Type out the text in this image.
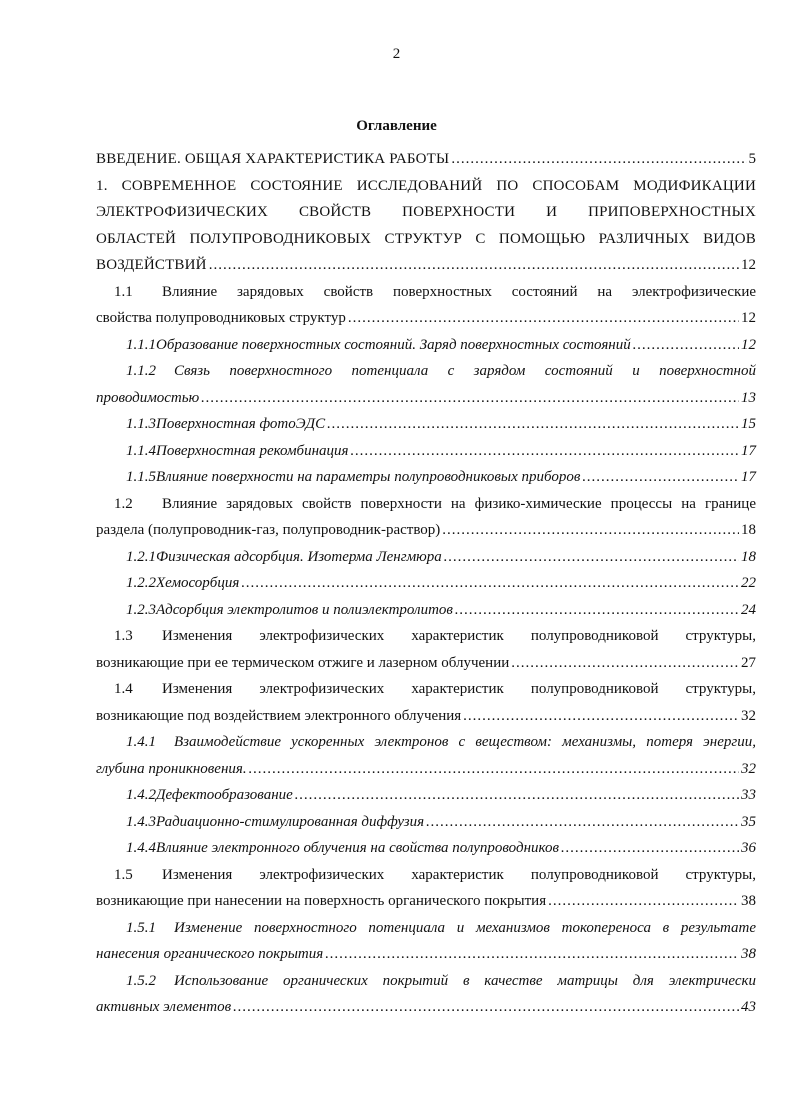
2
Оглавление
ВВЕДЕНИЕ. ОБЩАЯ ХАРАКТЕРИСТИКА РАБОТЫ .....	5
1. СОВРЕМЕННОЕ СОСТОЯНИЕ ИССЛЕДОВАНИЙ ПО СПОСОБАМ МОДИФИКАЦИИ
ЭЛЕКТРОФИЗИЧЕСКИХ СВОЙСТВ ПОВЕРХНОСТИ И ПРИПОВЕРХНОСТНЫХ
ОБЛАСТЕЙ ПОЛУПРОВОДНИКОВЫХ СТРУКТУР С ПОМОЩЬЮ РАЗЛИЧНЫХ ВИДОВ
ВОЗДЕЙСТВИЙ .....	12
1.1	Влияние зарядовых свойств поверхностных состояний на электрофизические
свойства полупроводниковых структур .....	12
1.1.1 Образование поверхностных состояний. Заряд поверхностных состояний .....	12
1.1.2	Связь поверхностного потенциала с зарядом состояний и поверхностной
проводимостью .....	13
1.1.3 Поверхностная фотоЭДС .....	15
1.1.4 Поверхностная рекомбинация .....	17
1.1.5 Влияние поверхности на параметры полупроводниковых приборов .....	17
1.2	Влияние зарядовых свойств поверхности на физико-химические процессы на границе
раздела (полупроводник-газ, полупроводник-раствор) .....	18
1.2.1 Физическая адсорбция. Изотерма Ленгмюра .....	18
1.2.2 Хемосорбция .....	22
1.2.3 Адсорбция электролитов и полиэлектролитов .....	24
1.3	Изменения электрофизических характеристик полупроводниковой структуры,
возникающие при ее термическом отжиге и лазерном облучении .....	27
1.4	Изменения электрофизических характеристик полупроводниковой структуры,
возникающие под воздействием электронного облучения .....	32
1.4.1	Взаимодействие ускоренных электронов с веществом: механизмы, потеря энергии,
глубина проникновения. .....	32
1.4.2 Дефектообразование .....	33
1.4.3 Радиационно-стимулированная диффузия .....	35
1.4.4 Влияние электронного облучения на свойства полупроводников .....	36
1.5	Изменения электрофизических характеристик полупроводниковой структуры,
возникающие при нанесении на поверхность органического покрытия .....	38
1.5.1	Изменение поверхностного потенциала и механизмов токопереноса в результате
нанесения органического покрытия .....	38
1.5.2	Использование органических покрытий в качестве матрицы для электрически
активных элементов .....	43
